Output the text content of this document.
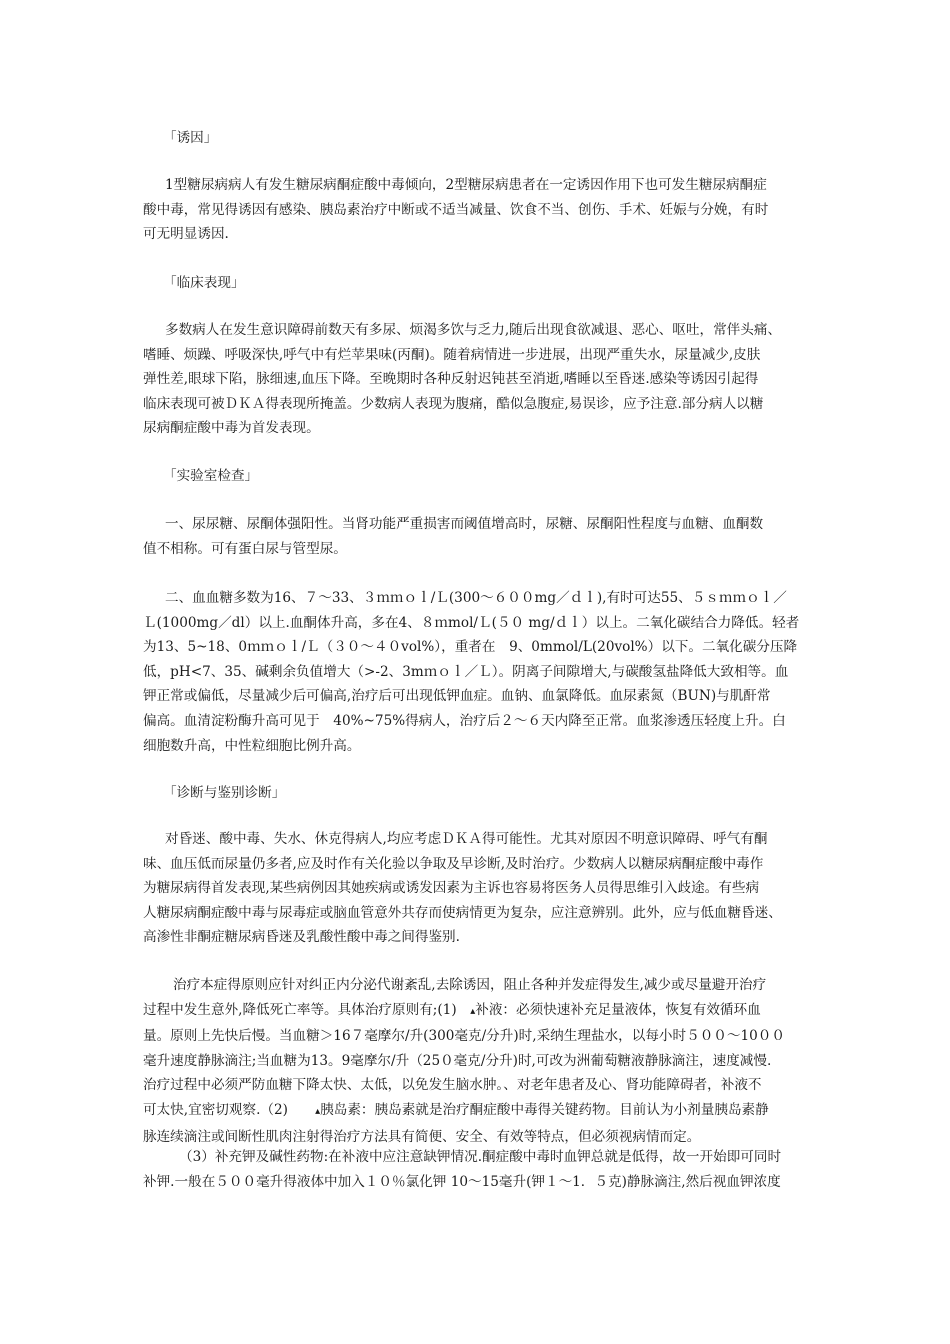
「诱因」
1型糖尿病病人有发生糖尿病酮症酸中毒倾向，2型糖尿病患者在一定诱因作用下也可发生糖尿病酮症
酸中毒，常见得诱因有感染、胰岛素治疗中断或不适当减量、饮食不当、创伤、手术、妊娠与分娩，有时
可无明显诱因.
「临床表现」
多数病人在发生意识障碍前数天有多尿、烦渴多饮与乏力,随后出现食欲减退、恶心、呕吐，常伴头痛、
嗜睡、烦躁、呼吸深快,呼气中有烂苹果味(丙酮)。随着病情进一步进展，出现严重失水，尿量减少,皮肤
弹性差,眼球下陷，脉细速,血压下降。至晚期时各种反射迟钝甚至消逝,嗜睡以至昏迷.感染等诱因引起得
临床表现可被ＤＫＡ得表现所掩盖。少数病人表现为腹痛，酷似急腹症,易误诊，应予注意.部分病人以糖
尿病酮症酸中毒为首发表现。
「实验室检查」
一、尿尿糖、尿酮体强阳性。当肾功能严重损害而阈值增高时，尿糖、尿酮阳性程度与血糖、血酮数
值不相称。可有蛋白尿与管型尿。
二、血血糖多数为16、７～33、３ｍｍｏｌ/Ｌ(300～６００mg／ｄｌ),有时可达55、５ｓｍｍｏｌ／
Ｌ(1000mg／dl）以上.血酮体升高，多在4、８ｍmol/Ｌ(５０ mg/ｄｌ）以上。二氧化碳结合力降低。轻者
为13、5~18、0ｍｍｏｌ/Ｌ（３０～４０vol%），重者在　9、0mmol/L(20vol%）以下。二氧化碳分压降
低，pH<7、35、碱剩余负值增大（>-2、3mｍｏｌ／Ｌ）。阴离子间隙增大,与碳酸氢盐降低大致相等。血
钾正常或偏低，尽量减少后可偏高,治疗后可出现低钾血症。血钠、血氯降低。血尿素氮（BUN)与肌酐常
偏高。血清淀粉酶升高可见于　40%~75%得病人，治疗后２～６天内降至正常。血浆渗透压轻度上升。白
细胞数升高，中性粒细胞比例升高。
「诊断与鉴别诊断」
对昏迷、酸中毒、失水、休克得病人,均应考虑ＤＫＡ得可能性。尤其对原因不明意识障碍、呼气有酮
味、血压低而尿量仍多者,应及时作有关化验以争取及早诊断,及时治疗。少数病人以糖尿病酮症酸中毒作
为糖尿病得首发表现,某些病例因其她疾病或诱发因素为主诉也容易将医务人员得思维引入歧途。有些病
人糖尿病酮症酸中毒与尿毒症或脑血管意外共存而使病情更为复杂，应注意辨别。此外，应与低血糖昏迷、
高渗性非酮症糖尿病昏迷及乳酸性酸中毒之间得鉴别.
治疗本症得原则应针对纠正内分泌代谢紊乱,去除诱因，阻止各种并发症得发生,减少或尽量避开治疗
过程中发生意外,降低死亡率等。具体治疗原则有;(1)　▴补液：必须快速补充足量液体，恢复有效循环血
量。原则上先快后慢。当血糖＞16７毫摩尔/升(300毫克/分升)时,采纳生理盐水，以每小时５００～10００
毫升速度静脉滴注;当血糖为13。9毫摩尔/升（25０毫克/分升)时,可改为洲葡萄糖液静脉滴注，速度减慢.
治疗过程中必须严防血糖下降太快、太低，以免发生脑水肿。、对老年患者及心、肾功能障碍者，补液不
可太快,宜密切观察.（2)　　▴胰岛素：胰岛素就是治疗酮症酸中毒得关键药物。目前认为小剂量胰岛素静
脉连续滴注或间断性肌肉注射得治疗方法具有简便、安全、有效等特点，但必须视病情而定。
（3）补充钾及碱性药物:在补液中应注意缺钾情况.酮症酸中毒时血钾总就是低得，故一开始即可同时
补钾.一般在５００毫升得液体中加入１０％氯化钾 10～15毫升(钾１～1．５克)静脉滴注,然后视血钾浓度
